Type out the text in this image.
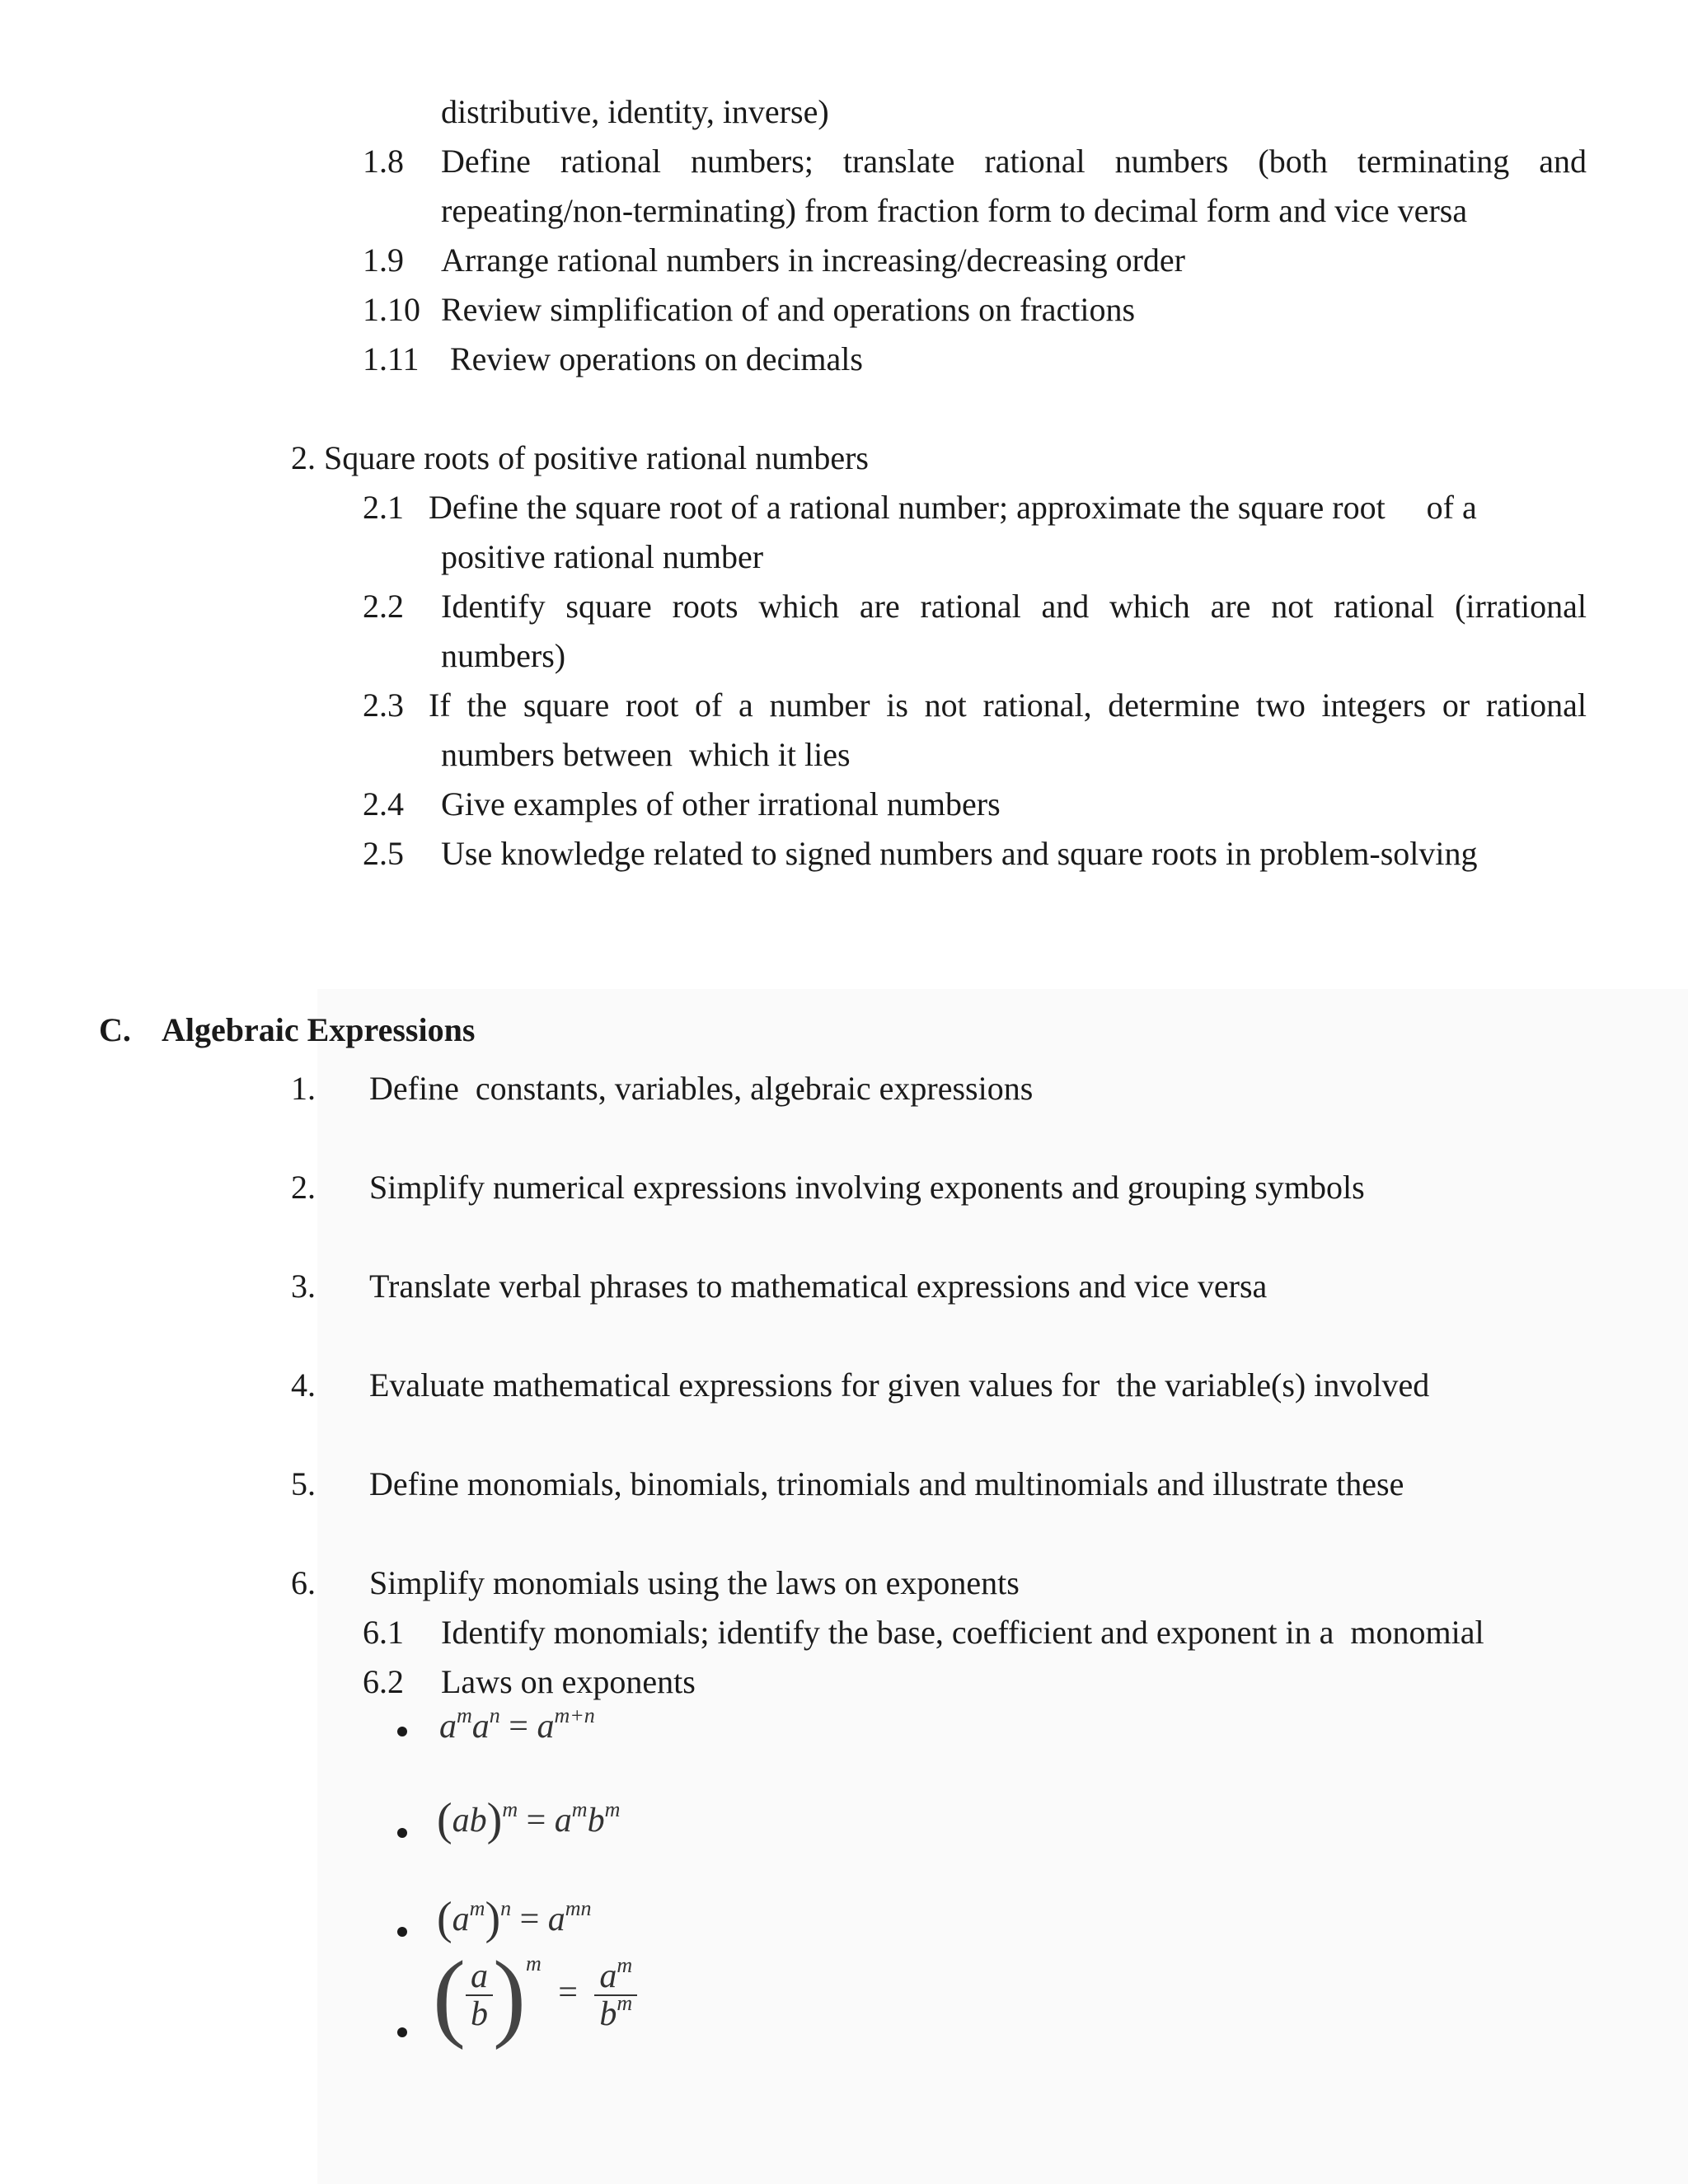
distributive, identity, inverse)
1.8 Define rational numbers; translate rational numbers (both terminating and
repeating/non-terminating) from fraction form to decimal form and vice versa
1.9 Arrange rational numbers in increasing/decreasing order
1.10 Review simplification of and operations on fractions
1.11 Review operations on decimals
2. Square roots of positive rational numbers
2.1 Define the square root of a rational number; approximate the square root     of a
positive rational number
2.2 Identify square roots which are rational and which are not rational (irrational
numbers)
2.3 If the square root of a number is not rational, determine two integers or rational
numbers between  which it lies
2.4 Give examples of other irrational numbers
2.5 Use knowledge related to signed numbers and square roots in problem-solving
C. Algebraic Expressions
1. Define  constants, variables, algebraic expressions
2. Simplify numerical expressions involving exponents and grouping symbols
3. Translate verbal phrases to mathematical expressions and vice versa
4. Evaluate mathematical expressions for given values for  the variable(s) involved
5. Define monomials, binomials, trinomials and multinomials and illustrate these
6. Simplify monomials using the laws on exponents
6.1 Identify monomials; identify the base, coefficient and exponent in a  monomial
6.2 Laws on exponents
$a^ma^n = a^{m+n}$
$(ab)^m = a^mb^m$
$(a^m)^n = a^{mn}$
( $\frac{a}{b} )^m = \frac{a^m}{b^m}$
